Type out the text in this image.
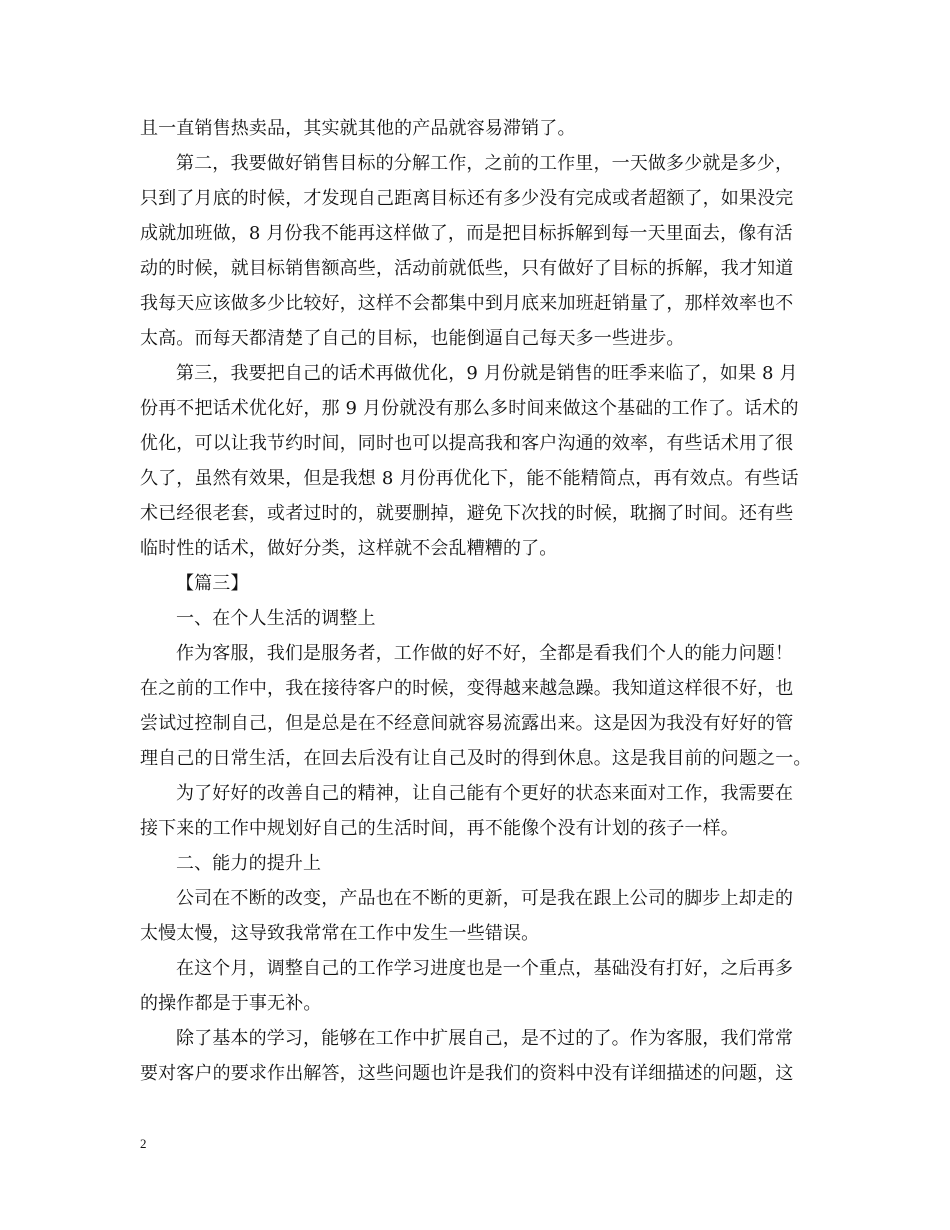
且一直销售热卖品，其实就其他的产品就容易滞销了。
第二，我要做好销售目标的分解工作，之前的工作里，一天做多少就是多少，
只到了月底的时候，才发现自己距离目标还有多少没有完成或者超额了，如果没完
成就加班做，8 月份我不能再这样做了，而是把目标拆解到每一天里面去，像有活
动的时候，就目标销售额高些，活动前就低些，只有做好了目标的拆解，我才知道
我每天应该做多少比较好，这样不会都集中到月底来加班赶销量了，那样效率也不
太高。而每天都清楚了自己的目标，也能倒逼自己每天多一些进步。
第三，我要把自己的话术再做优化，9 月份就是销售的旺季来临了，如果 8 月
份再不把话术优化好，那 9 月份就没有那么多时间来做这个基础的工作了。话术的
优化，可以让我节约时间，同时也可以提高我和客户沟通的效率，有些话术用了很
久了，虽然有效果，但是我想 8 月份再优化下，能不能精简点，再有效点。有些话
术已经很老套，或者过时的，就要删掉，避免下次找的时候，耽搁了时间。还有些
临时性的话术，做好分类，这样就不会乱糟糟的了。
【篇三】
一、在个人生活的调整上
作为客服，我们是服务者，工作做的好不好，全都是看我们个人的能力问题！
在之前的工作中，我在接待客户的时候，变得越来越急躁。我知道这样很不好，也
尝试过控制自己，但是总是在不经意间就容易流露出来。这是因为我没有好好的管
理自己的日常生活，在回去后没有让自己及时的得到休息。这是我目前的问题之一。
为了好好的改善自己的精神，让自己能有个更好的状态来面对工作，我需要在
接下来的工作中规划好自己的生活时间，再不能像个没有计划的孩子一样。
二、能力的提升上
公司在不断的改变，产品也在不断的更新，可是我在跟上公司的脚步上却走的
太慢太慢，这导致我常常在工作中发生一些错误。
在这个月，调整自己的工作学习进度也是一个重点，基础没有打好，之后再多
的操作都是于事无补。
除了基本的学习，能够在工作中扩展自己，是不过的了。作为客服，我们常常
要对客户的要求作出解答，这些问题也许是我们的资料中没有详细描述的问题，这
2
